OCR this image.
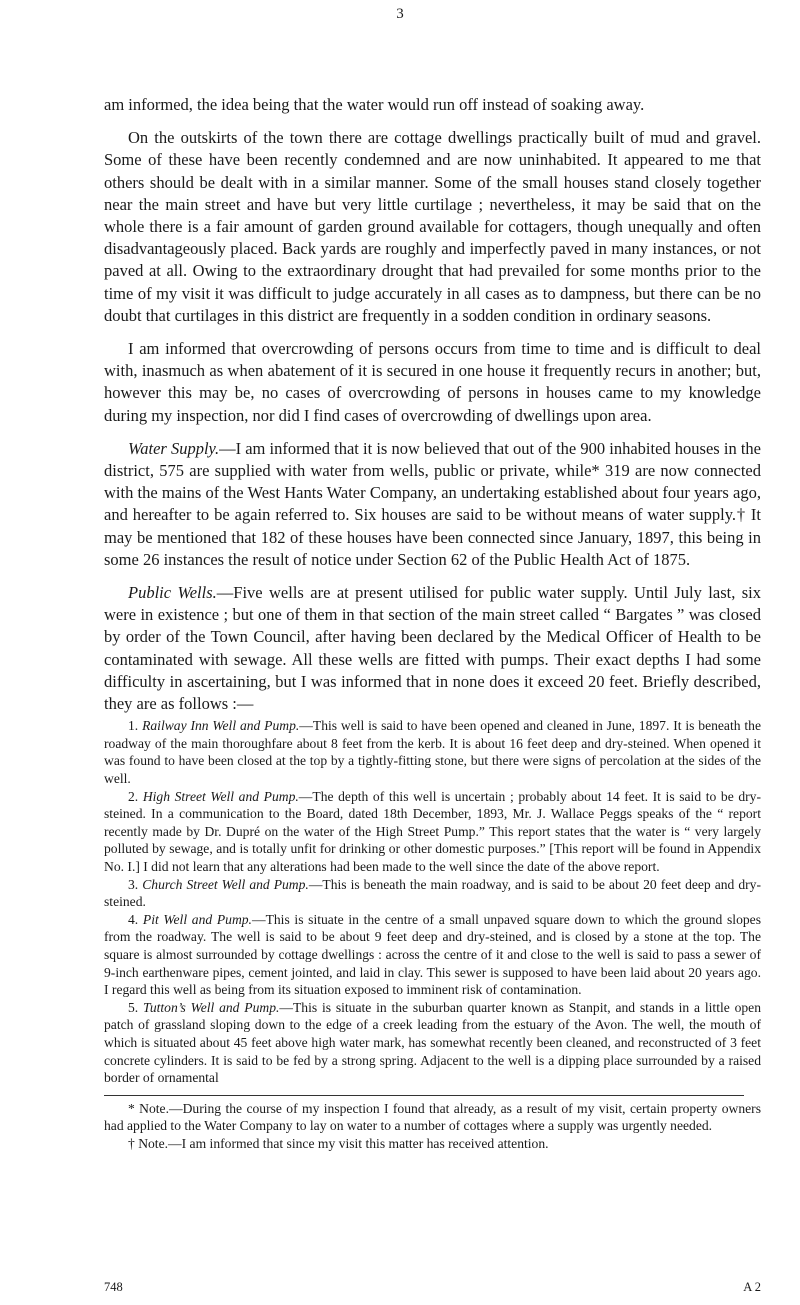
3

am informed, the idea being that the water would run off instead of soaking away.

On the outskirts of the town there are cottage dwellings practically built of mud and gravel. Some of these have been recently condemned and are now uninhabited. It appeared to me that others should be dealt with in a similar manner. Some of the small houses stand closely together near the main street and have but very little curtilage ; nevertheless, it may be said that on the whole there is a fair amount of garden ground available for cottagers, though unequally and often disadvantageously placed. Back yards are roughly and imperfectly paved in many instances, or not paved at all. Owing to the extraordinary drought that had prevailed for some months prior to the time of my visit it was difficult to judge accurately in all cases as to dampness, but there can be no doubt that curtilages in this district are frequently in a sodden condition in ordinary seasons.

I am informed that overcrowding of persons occurs from time to time and is difficult to deal with, inasmuch as when abatement of it is secured in one house it frequently recurs in another; but, however this may be, no cases of overcrowding of persons in houses came to my knowledge during my inspection, nor did I find cases of overcrowding of dwellings upon area.

Water Supply.—I am informed that it is now believed that out of the 900 inhabited houses in the district, 575 are supplied with water from wells, public or private, while* 319 are now connected with the mains of the West Hants Water Company, an undertaking established about four years ago, and hereafter to be again referred to. Six houses are said to be without means of water supply.† It may be mentioned that 182 of these houses have been connected since January, 1897, this being in some 26 instances the result of notice under Section 62 of the Public Health Act of 1875.

Public Wells.—Five wells are at present utilised for public water supply. Until July last, six were in existence ; but one of them in that section of the main street called “ Bargates ” was closed by order of the Town Council, after having been declared by the Medical Officer of Health to be contaminated with sewage. All these wells are fitted with pumps. Their exact depths I had some difficulty in ascertaining, but I was informed that in none does it exceed 20 feet. Briefly described, they are as follows :—

1. Railway Inn Well and Pump.—This well is said to have been opened and cleaned in June, 1897. It is beneath the roadway of the main thoroughfare about 8 feet from the kerb. It is about 16 feet deep and dry-steined. When opened it was found to have been closed at the top by a tightly-fitting stone, but there were signs of percolation at the sides of the well.

2. High Street Well and Pump.—The depth of this well is uncertain ; probably about 14 feet. It is said to be dry-steined. In a communication to the Board, dated 18th December, 1893, Mr. J. Wallace Peggs speaks of the “ report recently made by Dr. Dupré on the water of the High Street Pump.” This report states that the water is “ very largely polluted by sewage, and is totally unfit for drinking or other domestic purposes.” [This report will be found in Appendix No. I.] I did not learn that any alterations had been made to the well since the date of the above report.

3. Church Street Well and Pump.—This is beneath the main roadway, and is said to be about 20 feet deep and dry-steined.

4. Pit Well and Pump.—This is situate in the centre of a small unpaved square down to which the ground slopes from the roadway. The well is said to be about 9 feet deep and dry-steined, and is closed by a stone at the top. The square is almost surrounded by cottage dwellings : across the centre of it and close to the well is said to pass a sewer of 9-inch earthenware pipes, cement jointed, and laid in clay. This sewer is supposed to have been laid about 20 years ago. I regard this well as being from its situation exposed to imminent risk of contamination.

5. Tutton’s Well and Pump.—This is situate in the suburban quarter known as Stanpit, and stands in a little open patch of grassland sloping down to the edge of a creek leading from the estuary of the Avon. The well, the mouth of which is situated about 45 feet above high water mark, has somewhat recently been cleaned, and reconstructed of 3 feet concrete cylinders. It is said to be fed by a strong spring. Adjacent to the well is a dipping place surrounded by a raised border of ornamental

* Note.—During the course of my inspection I found that already, as a result of my visit, certain property owners had applied to the Water Company to lay on water to a number of cottages where a supply was urgently needed.

† Note.—I am informed that since my visit this matter has received attention.

748	A 2
